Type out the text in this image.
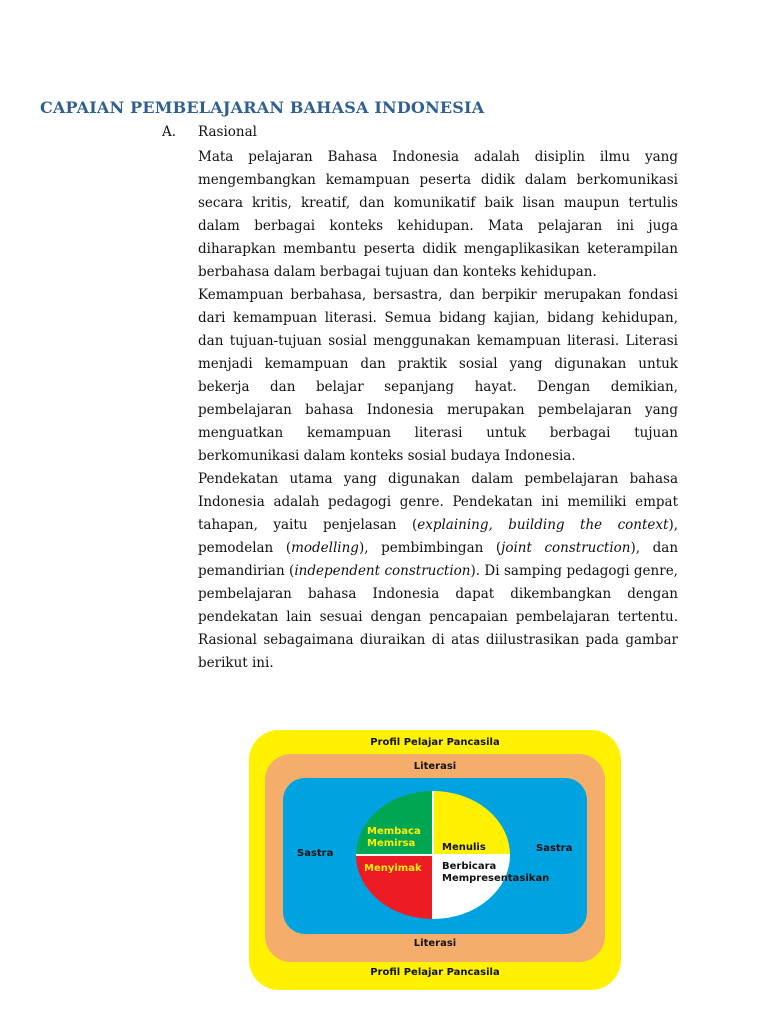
CAPAIAN PEMBELAJARAN BAHASA INDONESIA
A. Rasional

Mata pelajaran Bahasa Indonesia adalah disiplin ilmu yang mengembangkan kemampuan peserta didik dalam berkomunikasi secara kritis, kreatif, dan komunikatif baik lisan maupun tertulis dalam berbagai konteks kehidupan. Mata pelajaran ini juga diharapkan membantu peserta didik mengaplikasikan keterampilan berbahasa dalam berbagai tujuan dan konteks kehidupan.

Kemampuan berbahasa, bersastra, dan berpikir merupakan fondasi dari kemampuan literasi. Semua bidang kajian, bidang kehidupan, dan tujuan-tujuan sosial menggunakan kemampuan literasi. Literasi menjadi kemampuan dan praktik sosial yang digunakan untuk bekerja dan belajar sepanjang hayat. Dengan demikian, pembelajaran bahasa Indonesia merupakan pembelajaran yang menguatkan kemampuan literasi untuk berbagai tujuan berkomunikasi dalam konteks sosial budaya Indonesia.

Pendekatan utama yang digunakan dalam pembelajaran bahasa Indonesia adalah pedagogi genre. Pendekatan ini memiliki empat tahapan, yaitu penjelasan (explaining, building the context), pemodelan (modelling), pembimbingan (joint construction), dan pemandirian (independent construction). Di samping pedagogi genre, pembelajaran bahasa Indonesia dapat dikembangkan dengan pendekatan lain sesuai dengan pencapaian pembelajaran tertentu. Rasional sebagaimana diuraikan di atas diilustrasikan pada gambar berikut ini.

Profil Pelajar Pancasila
Profil Pelajar Pancasila
Literasi
Literasi
Sastra	Sastra
Membaca
Memirsa	Menulis
Menyimak	Berbicara
Mempresentasikan
